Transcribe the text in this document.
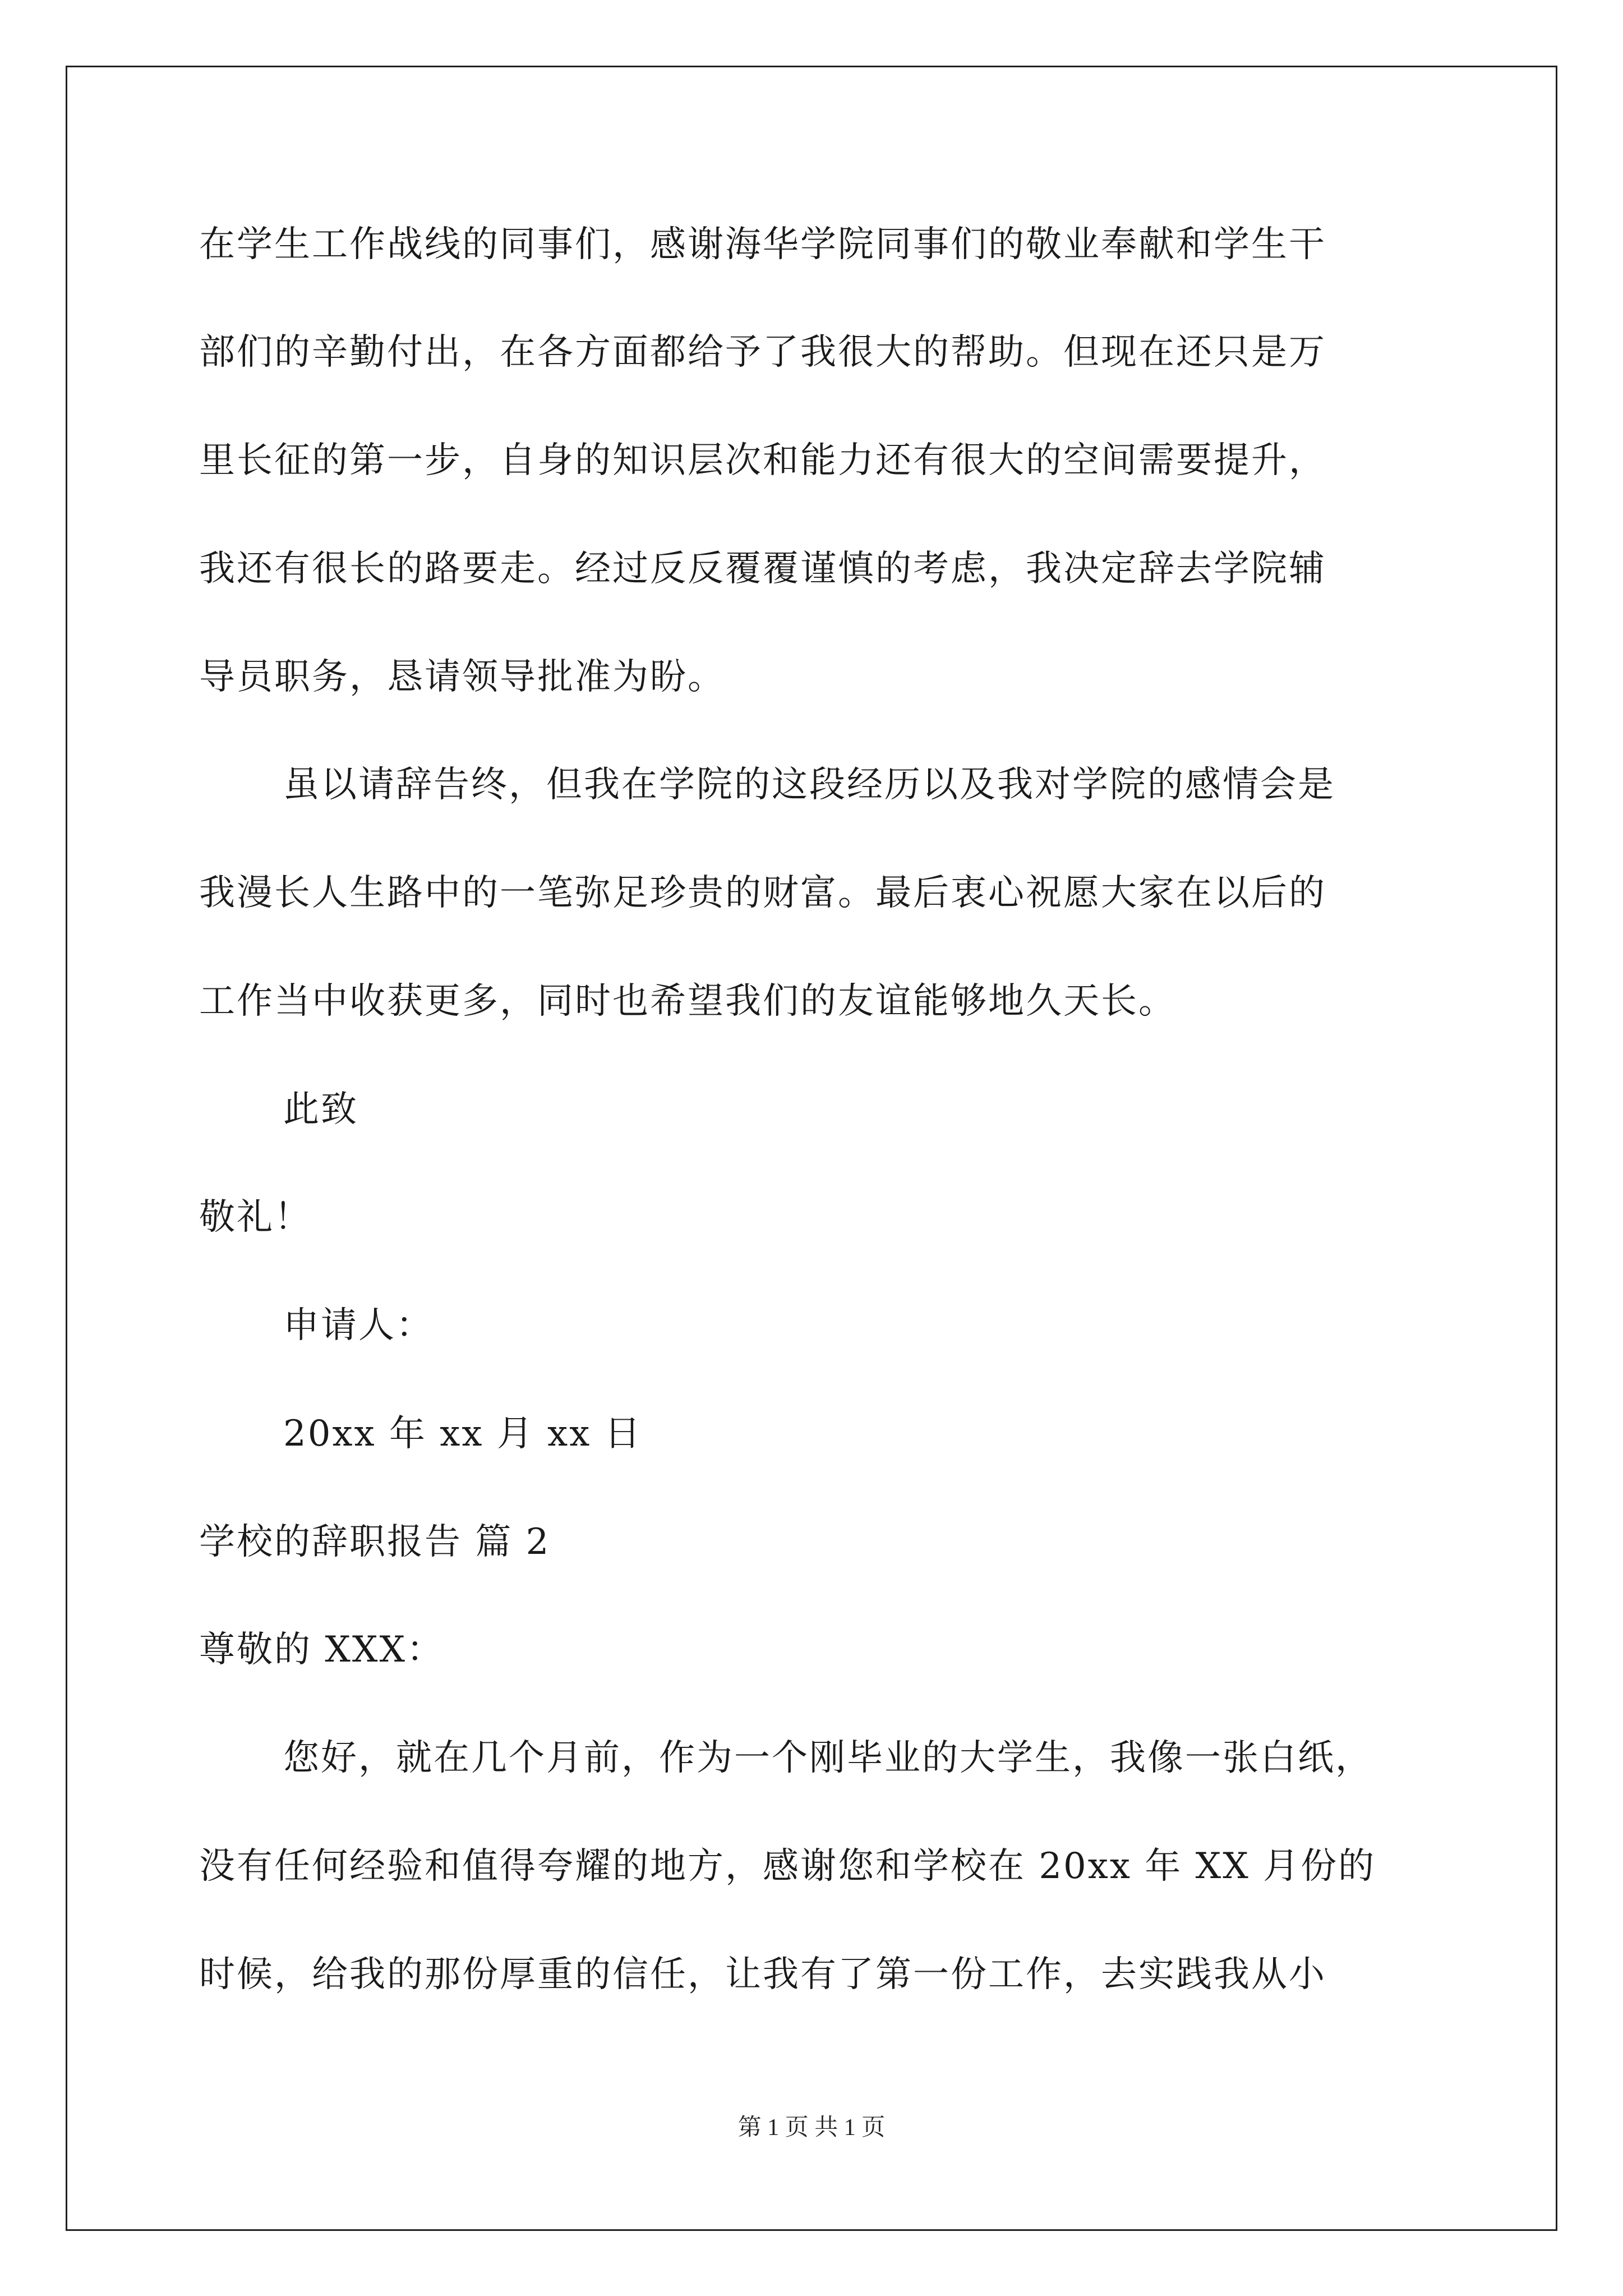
在学生工作战线的同事们，感谢海华学院同事们的敬业奉献和学生干
部们的辛勤付出，在各方面都给予了我很大的帮助。但现在还只是万
里长征的第一步，自身的知识层次和能力还有很大的空间需要提升，
我还有很长的路要走。经过反反覆覆谨慎的考虑，我决定辞去学院辅
导员职务，恳请领导批准为盼。
虽以请辞告终，但我在学院的这段经历以及我对学院的感情会是
我漫长人生路中的一笔弥足珍贵的财富。最后衷心祝愿大家在以后的
工作当中收获更多，同时也希望我们的友谊能够地久天长。
此致
敬礼！
申请人：
20xx 年 xx 月 xx 日
学校的辞职报告 篇 2
尊敬的 XXX：
您好，就在几个月前，作为一个刚毕业的大学生，我像一张白纸，
没有任何经验和值得夸耀的地方，感谢您和学校在 20xx 年 XX 月份的
时候，给我的那份厚重的信任，让我有了第一份工作，去实践我从小
第 1 页 共 1 页
